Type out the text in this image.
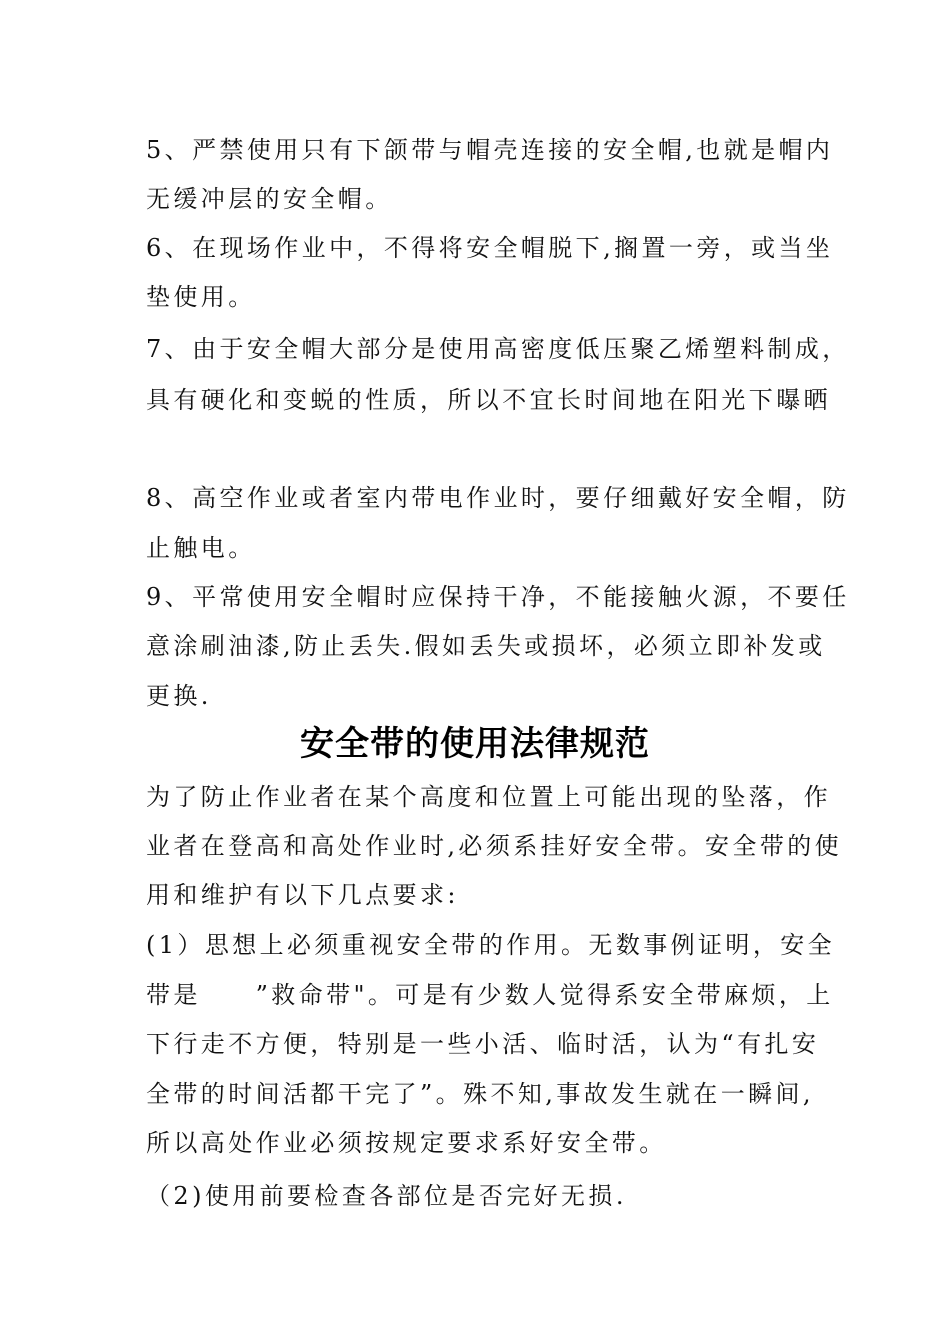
5、严禁使用只有下颌带与帽壳连接的安全帽,也就是帽内
无缓冲层的安全帽。
6、在现场作业中，不得将安全帽脱下,搁置一旁，或当坐
垫使用。
7、由于安全帽大部分是使用高密度低压聚乙烯塑料制成，
具有硬化和变蜕的性质，所以不宜长时间地在阳光下曝晒
8、高空作业或者室内带电作业时，要仔细戴好安全帽，防
止触电。
9、平常使用安全帽时应保持干净，不能接触火源，不要任
意涂刷油漆,防止丢失.假如丢失或损坏，必须立即补发或
更换.
安全带的使用法律规范
为了防止作业者在某个高度和位置上可能出现的坠落，作
业者在登高和高处作业时,必须系挂好安全带。安全带的使
用和维护有以下几点要求:
(1）思想上必须重视安全带的作用。无数事例证明，安全
带是　　”救命带"。可是有少数人觉得系安全带麻烦，上
下行走不方便，特别是一些小活、临时活，认为“有扎安
全带的时间活都干完了”。殊不知,事故发生就在一瞬间,
所以高处作业必须按规定要求系好安全带。
（2)使用前要检查各部位是否完好无损.
